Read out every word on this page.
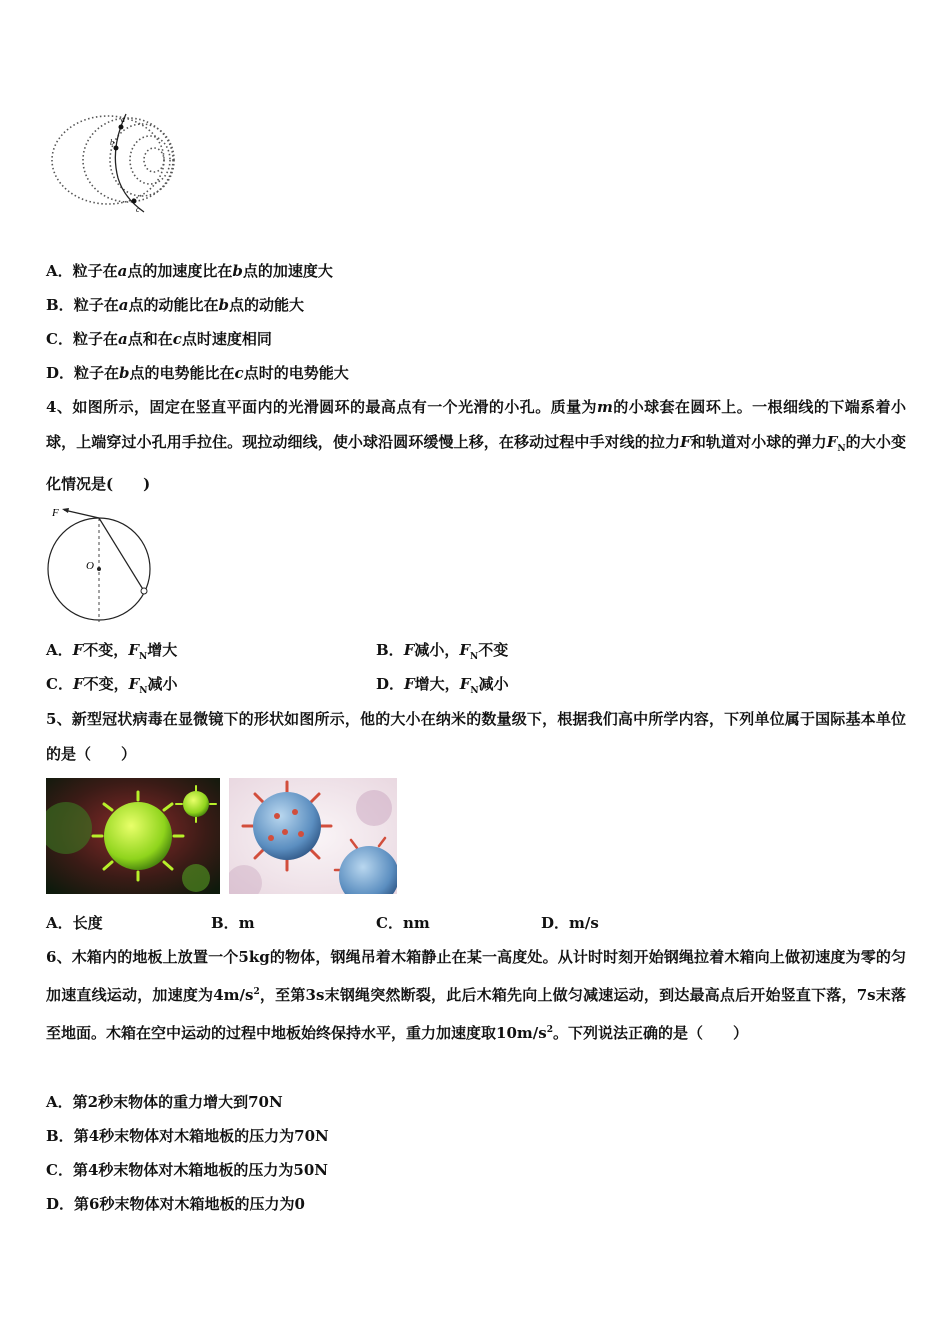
a
b
c
A．粒子在a点的加速度比在b点的加速度大
B．粒子在a点的动能比在b点的动能大
C．粒子在a点和在c点时速度相同
D．粒子在b点的电势能比在c点时的电势能大
4、如图所示，固定在竖直平面内的光滑圆环的最高点有一个光滑的小孔。质量为m的小球套在圆环上。一根细线的下端系着小球，上端穿过小孔用手拉住。现拉动细线，使小球沿圆环缓慢上移，在移动过程中手对线的拉力F和轨道对小球的弹力$F_N$的大小变化情况是(　　)
F
O
A．F不变，$F_N$增大	B．F减小，$F_N$不变
C．F不变，$F_N$减小	D．F增大，$F_N$减小
5、新型冠状病毒在显微镜下的形状如图所示，他的大小在纳米的数量级下，根据我们高中所学内容，下列单位属于国际基本单位的是（　　）
A．长度	B．m	C．nm	D．m/s
6、木箱内的地板上放置一个5kg的物体，钢绳吊着木箱静止在某一高度处。从计时时刻开始钢绳拉着木箱向上做初速度为零的匀加速直线运动，加速度为$4m/s^2$，至第3s末钢绳突然断裂，此后木箱先向上做匀减速运动，到达最高点后开始竖直下落，7s末落至地面。木箱在空中运动的过程中地板始终保持水平，重力加速度取$10m/s^2$。下列说法正确的是（　　）
A．第2秒末物体的重力增大到70N
B．第4秒末物体对木箱地板的压力为70N
C．第4秒末物体对木箱地板的压力为50N
D．第6秒末物体对木箱地板的压力为0
